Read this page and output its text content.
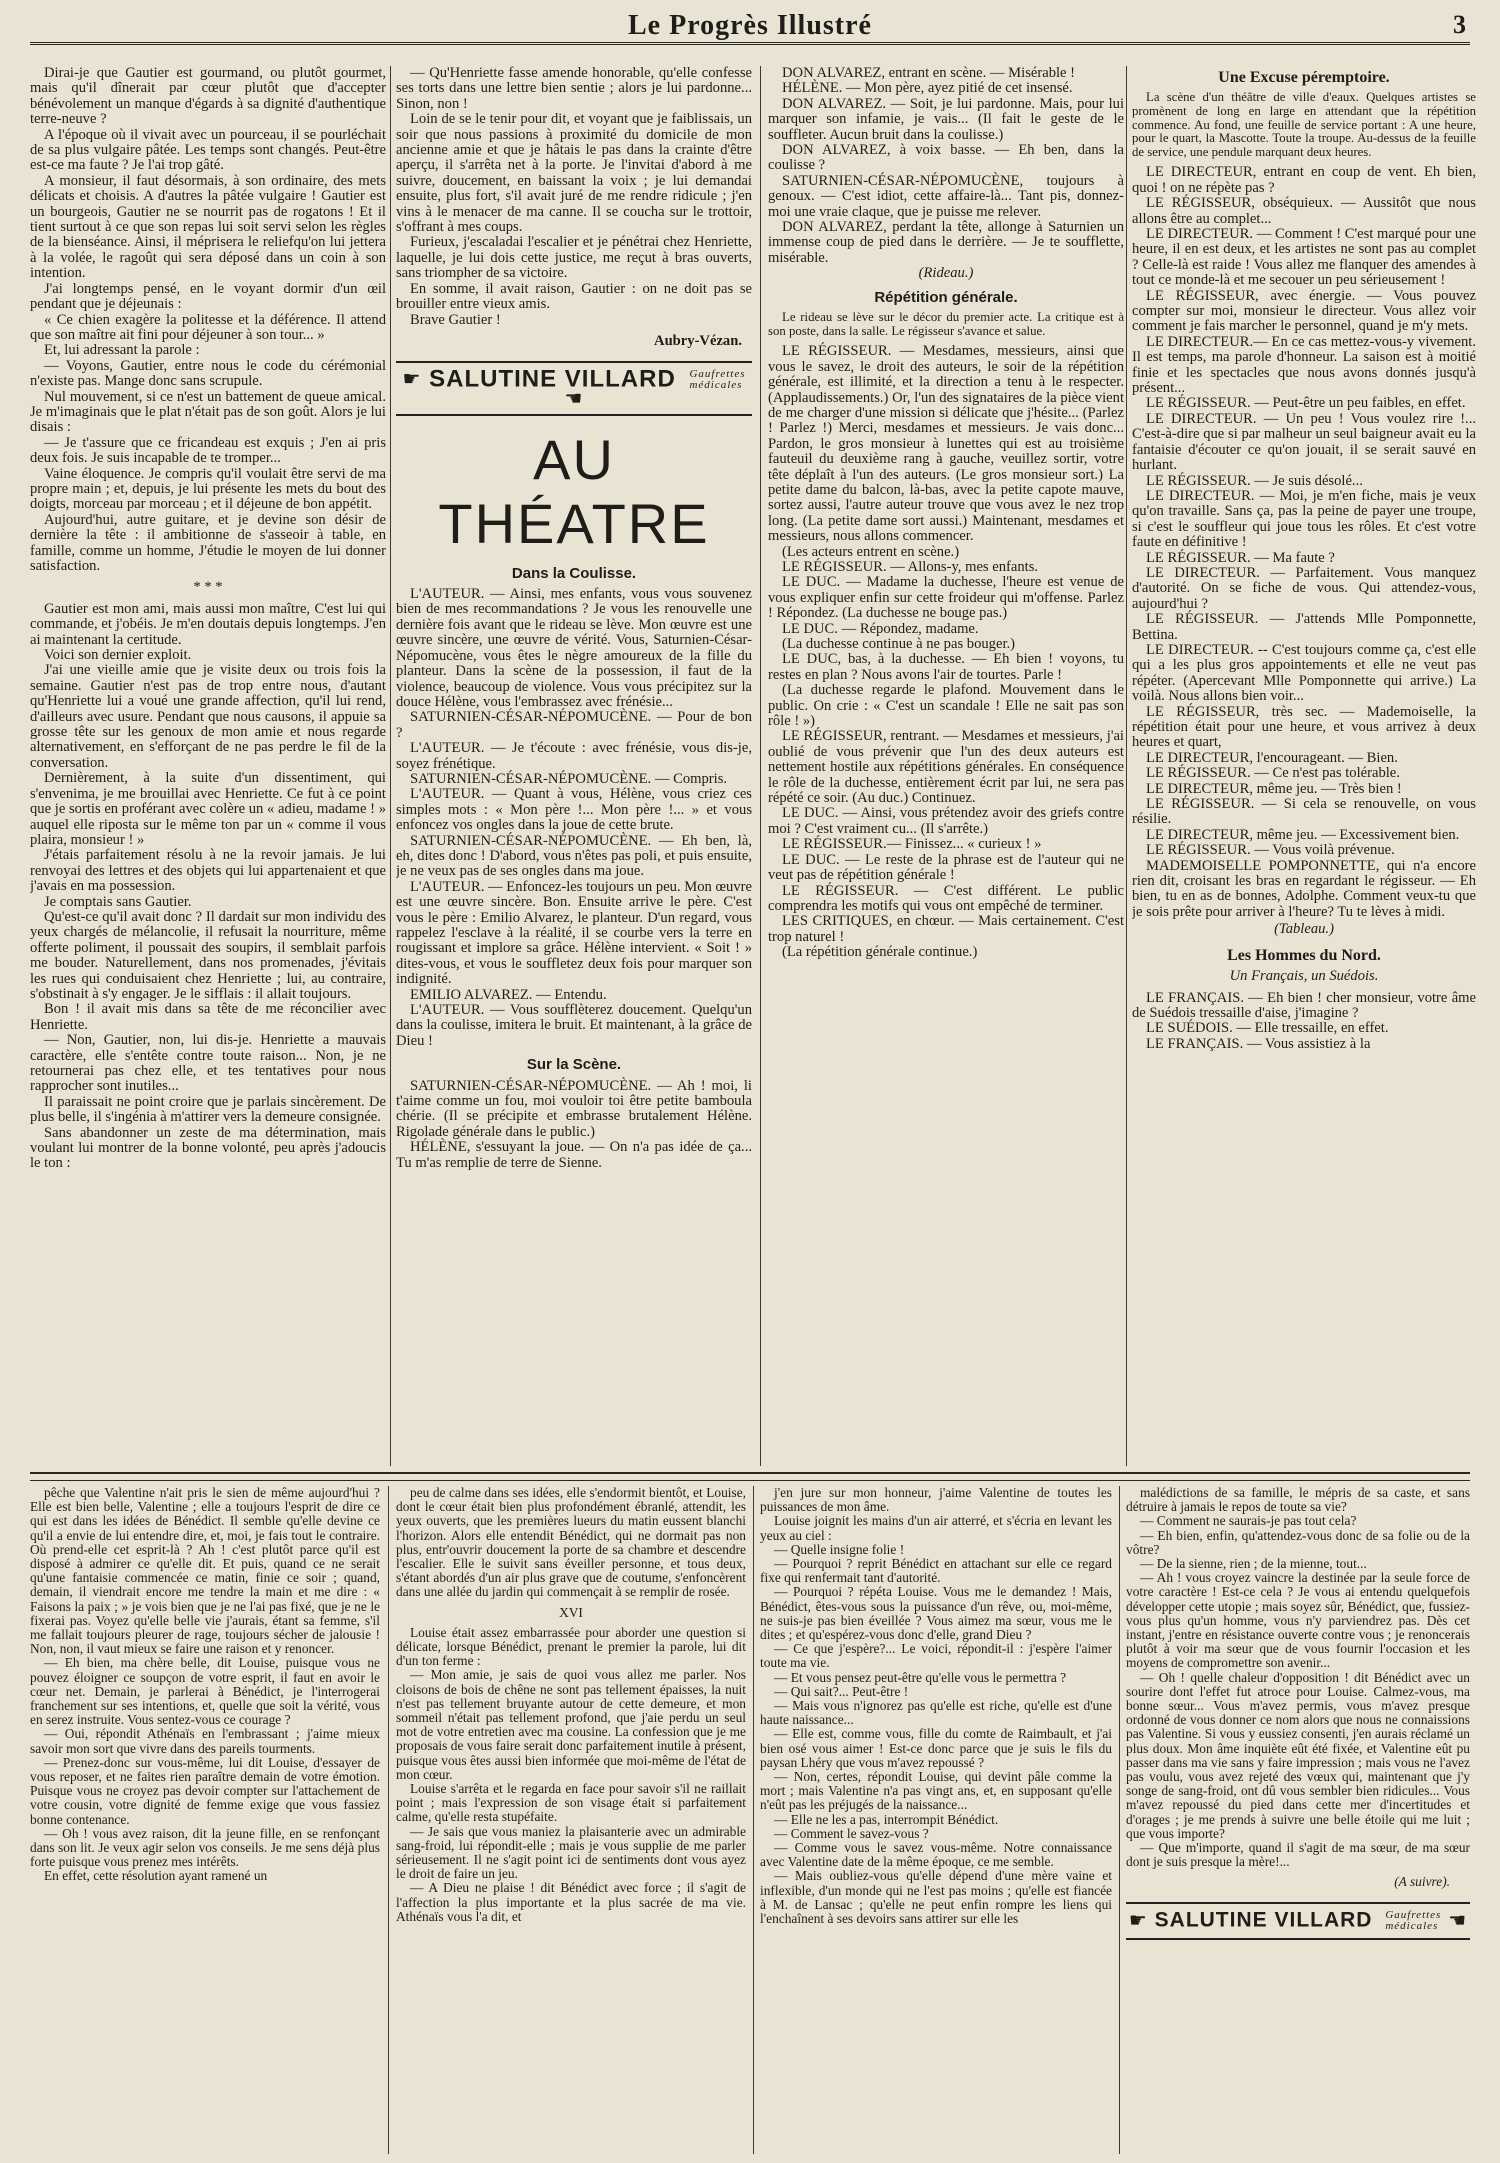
Le Progrès Illustré	3

Dirai-je que Gautier est gourmand, ou plutôt gourmet, mais qu'il dînerait par cœur plutôt que d'accepter bénévolement un manque d'égards à sa dignité d'authentique terre-neuve ?

A l'époque où il vivait avec un pourceau, il se pourléchait de sa plus vulgaire pâtée. Les temps sont changés. Peut-être est-ce ma faute ? Je l'ai trop gâté.

A monsieur, il faut désormais, à son ordinaire, des mets délicats et choisis. A d'autres la pâtée vulgaire ! Gautier est un bourgeois, Gautier ne se nourrit pas de rogatons ! Et il tient surtout à ce que son repas lui soit servi selon les règles de la bienséance. Ainsi, il méprisera le reliefqu'on lui jettera à la volée, le ragoût qui sera déposé dans un coin à son intention.

J'ai longtemps pensé, en le voyant dormir d'un œil pendant que je déjeunais :

« Ce chien exagère la politesse et la déférence. Il attend que son maître ait fini pour déjeuner à son tour... »

Et, lui adressant la parole :

— Voyons, Gautier, entre nous le code du cérémonial n'existe pas. Mange donc sans scrupule.

Nul mouvement, si ce n'est un battement de queue amical. Je m'imaginais que le plat n'était pas de son goût. Alors je lui disais :

— Je t'assure que ce fricandeau est exquis ; J'en ai pris deux fois. Je suis incapable de te tromper...

Vaine éloquence. Je compris qu'il voulait être servi de ma propre main ; et, depuis, je lui présente les mets du bout des doigts, morceau par morceau ; et il déjeune de bon appétit.

Aujourd'hui, autre guitare, et je devine son désir de dernière la tête : il ambitionne de s'asseoir à table, en famille, comme un homme, J'étudie le moyen de lui donner satisfaction.

* * *

Gautier est mon ami, mais aussi mon maître, C'est lui qui commande, et j'obéis. Je m'en doutais depuis longtemps. J'en ai maintenant la certitude.

Voici son dernier exploit.

J'ai une vieille amie que je visite deux ou trois fois la semaine. Gautier n'est pas de trop entre nous, d'autant qu'Henriette lui a voué une grande affection, qu'il lui rend, d'ailleurs avec usure. Pendant que nous causons, il appuie sa grosse tête sur les genoux de mon amie et nous regarde alternativement, en s'efforçant de ne pas perdre le fil de la conversation.

Dernièrement, à la suite d'un dissentiment, qui s'envenima, je me brouillai avec Henriette. Ce fut à ce point que je sortis en proférant avec colère un « adieu, madame ! » auquel elle riposta sur le même ton par un « comme il vous plaira, monsieur ! »

J'étais parfaitement résolu à ne la revoir jamais. Je lui renvoyai des lettres et des objets qui lui appartenaient et que j'avais en ma possession.

Je comptais sans Gautier.

Qu'est-ce qu'il avait donc ? Il dardait sur mon individu des yeux chargés de mélancolie, il refusait la nourriture, même offerte poliment, il poussait des soupirs, il semblait parfois me bouder. Naturellement, dans nos promenades, j'évitais les rues qui conduisaient chez Henriette ; lui, au contraire, s'obstinait à s'y engager. Je le sifflais : il allait toujours.

Bon ! il avait mis dans sa tête de me réconcilier avec Henriette.

— Non, Gautier, non, lui dis-je. Henriette a mauvais caractère, elle s'entête contre toute raison... Non, je ne retournerai pas chez elle, et tes tentatives pour nous rapprocher sont inutiles...

Il paraissait ne point croire que je parlais sincèrement. De plus belle, il s'ingénia à m'attirer vers la demeure consignée.

Sans abandonner un zeste de ma détermination, mais voulant lui montrer de la bonne volonté, peu après j'adoucis le ton :

— Qu'Henriette fasse amende honorable, qu'elle confesse ses torts dans une lettre bien sentie ; alors je lui pardonne... Sinon, non !

Loin de se le tenir pour dit, et voyant que je faiblissais, un soir que nous passions à proximité du domicile de mon ancienne amie et que je hâtais le pas dans la crainte d'être aperçu, il s'arrêta net à la porte. Je l'invitai d'abord à me suivre, doucement, en baissant la voix ; je lui demandai ensuite, plus fort, s'il avait juré de me rendre ridicule ; j'en vins à le menacer de ma canne. Il se coucha sur le trottoir, s'offrant à mes coups.

Furieux, j'escaladai l'escalier et je pénétrai chez Henriette, laquelle, je lui dois cette justice, me reçut à bras ouverts, sans triompher de sa victoire.

En somme, il avait raison, Gautier : on ne doit pas se brouiller entre vieux amis.

Brave Gautier !

Aubry-Vézan.
☛ SALUTINE VILLARD Gaufrettes
médicales ☚
AU THÉATRE
Dans la Coulisse.

L'AUTEUR. — Ainsi, mes enfants, vous vous souvenez bien de mes recommandations ? Je vous les renouvelle une dernière fois avant que le rideau se lève. Mon œuvre est une œuvre sincère, une œuvre de vérité. Vous, Saturnien-César-Népomucène, vous êtes le nègre amoureux de la fille du planteur. Dans la scène de la possession, il faut de la violence, beaucoup de violence. Vous vous précipitez sur la douce Hélène, vous l'embrassez avec frénésie...

SATURNIEN-CÉSAR-NÉPOMUCÈNE. — Pour de bon ?

L'AUTEUR. — Je t'écoute : avec frénésie, vous dis-je, soyez frénétique.

SATURNIEN-CÉSAR-NÉPOMUCÈNE. — Compris.

L'AUTEUR. — Quant à vous, Hélène, vous criez ces simples mots : « Mon père !... Mon père !... » et vous enfoncez vos ongles dans la joue de cette brute.

SATURNIEN-CÉSAR-NÉPOMUCÈNE. — Eh ben, là, eh, dites donc ! D'abord, vous n'êtes pas poli, et puis ensuite, je ne veux pas de ses ongles dans ma joue.

L'AUTEUR. — Enfoncez-les toujours un peu. Mon œuvre est une œuvre sincère. Bon. Ensuite arrive le père. C'est vous le père : Emilio Alvarez, le planteur. D'un regard, vous rappelez l'esclave à la réalité, il se courbe vers la terre en rougissant et implore sa grâce. Hélène intervient. « Soit ! » dites-vous, et vous le souffletez deux fois pour marquer son indignité.

EMILIO ALVAREZ. — Entendu.

L'AUTEUR. — Vous soufflèterez doucement. Quelqu'un dans la coulisse, imitera le bruit. Et maintenant, à la grâce de Dieu !

Sur la Scène.

SATURNIEN-CÉSAR-NÉPOMUCÈNE. — Ah ! moi, li t'aime comme un fou, moi vouloir toi être petite bamboula chérie. (Il se précipite et embrasse brutalement Hélène. Rigolade générale dans le public.)

HÉLÈNE, s'essuyant la joue. — On n'a pas idée de ça... Tu m'as remplie de terre de Sienne.

DON ALVAREZ, entrant en scène. — Misérable !

HÉLÈNE. — Mon père, ayez pitié de cet insensé.

DON ALVAREZ. — Soit, je lui pardonne. Mais, pour lui marquer son infamie, je vais... (Il fait le geste de le souffleter. Aucun bruit dans la coulisse.)

DON ALVAREZ, à voix basse. — Eh ben, dans la coulisse ?

SATURNIEN-CÉSAR-NÉPOMUCÈNE, toujours à genoux. — C'est idiot, cette affaire-là... Tant pis, donnez-moi une vraie claque, que je puisse me relever.

DON ALVAREZ, perdant la tête, allonge à Saturnien un immense coup de pied dans le derrière. — Je te soufflette, misérable.

(Rideau.)
Répétition générale.
Le rideau se lève sur le décor du premier acte. La critique est à son poste, dans la salle. Le régisseur s'avance et salue.

LE RÉGISSEUR. — Mesdames, messieurs, ainsi que vous le savez, le droit des auteurs, le soir de la répétition générale, est illimité, et la direction a tenu à le respecter. (Applaudissements.) Or, l'un des signataires de la pièce vient de me charger d'une mission si délicate que j'hésite... (Parlez ! Parlez !) Merci, mesdames et messieurs. Je vais donc... Pardon, le gros monsieur à lunettes qui est au troisième fauteuil du deuxième rang à gauche, veuillez sortir, votre tête déplaît à l'un des auteurs. (Le gros monsieur sort.) La petite dame du balcon, là-bas, avec la petite capote mauve, sortez aussi, l'autre auteur trouve que vous avez le nez trop long. (La petite dame sort aussi.) Maintenant, mesdames et messieurs, nous allons commencer.

(Les acteurs entrent en scène.)

LE RÉGISSEUR. — Allons-y, mes enfants.

LE DUC. — Madame la duchesse, l'heure est venue de vous expliquer enfin sur cette froideur qui m'offense. Parlez ! Répondez. (La duchesse ne bouge pas.)

LE DUC. — Répondez, madame.

(La duchesse continue à ne pas bouger.)

LE DUC, bas, à la duchesse. — Eh bien ! voyons, tu restes en plan ? Nous avons l'air de tourtes. Parle !

(La duchesse regarde le plafond. Mouvement dans le public. On crie : « C'est un scandale ! Elle ne sait pas son rôle ! »)

LE RÉGISSEUR, rentrant. — Mesdames et messieurs, j'ai oublié de vous prévenir que l'un des deux auteurs est nettement hostile aux répétitions générales. En conséquence le rôle de la duchesse, entièrement écrit par lui, ne sera pas répété ce soir. (Au duc.) Continuez.

LE DUC. — Ainsi, vous prétendez avoir des griefs contre moi ? C'est vraiment cu... (Il s'arrête.)

LE RÉGISSEUR.— Finissez... « curieux ! »

LE DUC. — Le reste de la phrase est de l'auteur qui ne veut pas de répétition générale !

LE RÉGISSEUR. — C'est différent. Le public comprendra les motifs qui vous ont empêché de terminer.

LES CRITIQUES, en chœur. — Mais certainement. C'est trop naturel !

(La répétition générale continue.)

Une Excuse péremptoire.
La scène d'un théâtre de ville d'eaux. Quelques artistes se promènent de long en large en attendant que la répétition commence. Au fond, une feuille de service portant : A une heure, pour le quart, la Mascotte. Toute la troupe. Au-dessus de la feuille de service, une pendule marquant deux heures.

LE DIRECTEUR, entrant en coup de vent. Eh bien, quoi ! on ne répète pas ?

LE RÉGISSEUR, obséquieux. — Aussitôt que nous allons être au complet...

LE DIRECTEUR. — Comment ! C'est marqué pour une heure, il en est deux, et les artistes ne sont pas au complet ? Celle-là est raide ! Vous allez me flanquer des amendes à tout ce monde-là et me secouer un peu sérieusement !

LE RÉGISSEUR, avec énergie. — Vous pouvez compter sur moi, monsieur le directeur. Vous allez voir comment je fais marcher le personnel, quand je m'y mets.

LE DIRECTEUR.— En ce cas mettez-vous-y vivement. Il est temps, ma parole d'honneur. La saison est à moitié finie et les spectacles que nous avons donnés jusqu'à présent...

LE RÉGISSEUR. — Peut-être un peu faibles, en effet.

LE DIRECTEUR. — Un peu ! Vous voulez rire !... C'est-à-dire que si par malheur un seul baigneur avait eu la fantaisie d'écouter ce qu'on jouait, il se serait sauvé en hurlant.

LE RÉGISSEUR. — Je suis désolé...

LE DIRECTEUR. — Moi, je m'en fiche, mais je veux qu'on travaille. Sans ça, pas la peine de payer une troupe, si c'est le souffleur qui joue tous les rôles. Et c'est votre faute en définitive !

LE RÉGISSEUR. — Ma faute ?

LE DIRECTEUR. — Parfaitement. Vous manquez d'autorité. On se fiche de vous. Qui attendez-vous, aujourd'hui ?

LE RÉGISSEUR. — J'attends Mlle Pomponnette, Bettina.

LE DIRECTEUR. -- C'est toujours comme ça, c'est elle qui a les plus gros appointements et elle ne veut pas répéter. (Apercevant Mlle Pomponnette qui arrive.) La voilà. Nous allons bien voir...

LE RÉGISSEUR, très sec. — Mademoiselle, la répétition était pour une heure, et vous arrivez à deux heures et quart,

LE DIRECTEUR, l'encourageant. — Bien.

LE RÉGISSEUR. — Ce n'est pas tolérable.

LE DIRECTEUR, même jeu. — Très bien !

LE RÉGISSEUR. — Si cela se renouvelle, on vous résilie.

LE DIRECTEUR, même jeu. — Excessivement bien.

LE RÉGISSEUR. — Vous voilà prévenue.

MADEMOISELLE POMPONNETTE, qui n'a encore rien dit, croisant les bras en regardant le régisseur. — Eh bien, tu en as de bonnes, Adolphe. Comment veux-tu que je sois prête pour arriver à l'heure? Tu te lèves à midi.

(Tableau.)
Les Hommes du Nord.
Un Français, un Suédois.

LE FRANÇAIS. — Eh bien ! cher monsieur, votre âme de Suédois tressaille d'aise, j'imagine ?

LE SUÉDOIS. — Elle tressaille, en effet.

LE FRANÇAIS. — Vous assistiez à la

pêche que Valentine n'ait pris le sien de même aujourd'hui ? Elle est bien belle, Valentine ; elle a toujours l'esprit de dire ce qui est dans les idées de Bénédict. Il semble qu'elle devine ce qu'il a envie de lui entendre dire, et, moi, je fais tout le contraire. Où prend-elle cet esprit-là ? Ah ! c'est plutôt parce qu'il est disposé à admirer ce qu'elle dit. Et puis, quand ce ne serait qu'une fantaisie commencée ce matin, finie ce soir ; quand, demain, il viendrait encore me tendre la main et me dire : « Faisons la paix ; » je vois bien que je ne l'ai pas fixé, que je ne le fixerai pas. Voyez qu'elle belle vie j'aurais, étant sa femme, s'il me fallait toujours pleurer de rage, toujours sécher de jalousie ! Non, non, il vaut mieux se faire une raison et y renoncer.

— Eh bien, ma chère belle, dit Louise, puisque vous ne pouvez éloigner ce soupçon de votre esprit, il faut en avoir le cœur net. Demain, je parlerai à Bénédict, je l'interrogerai franchement sur ses intentions, et, quelle que soit la vérité, vous en serez instruite. Vous sentez-vous ce courage ?

— Oui, répondit Athénaïs en l'embrassant ; j'aime mieux savoir mon sort que vivre dans des pareils tourments.

— Prenez-donc sur vous-même, lui dit Louise, d'essayer de vous reposer, et ne faites rien paraître demain de votre émotion. Puisque vous ne croyez pas devoir compter sur l'attachement de votre cousin, votre dignité de femme exige que vous fassiez bonne contenance.

— Oh ! vous avez raison, dit la jeune fille, en se renfonçant dans son lit. Je veux agir selon vos conseils. Je me sens déjà plus forte puisque vous prenez mes intérêts.

En effet, cette résolution ayant ramené un

peu de calme dans ses idées, elle s'endormit bientôt, et Louise, dont le cœur était bien plus profondément ébranlé, attendit, les yeux ouverts, que les premières lueurs du matin eussent blanchi l'horizon. Alors elle entendit Bénédict, qui ne dormait pas non plus, entr'ouvrir doucement la porte de sa chambre et descendre l'escalier. Elle le suivit sans éveiller personne, et tous deux, s'étant abordés d'un air plus grave que de coutume, s'enfoncèrent dans une allée du jardin qui commençait à se remplir de rosée.

XVI

Louise était assez embarrassée pour aborder une question si délicate, lorsque Bénédict, prenant le premier la parole, lui dit d'un ton ferme :

— Mon amie, je sais de quoi vous allez me parler. Nos cloisons de bois de chêne ne sont pas tellement épaisses, la nuit n'est pas tellement bruyante autour de cette demeure, et mon sommeil n'était pas tellement profond, que j'aie perdu un seul mot de votre entretien avec ma cousine. La confession que je me proposais de vous faire serait donc parfaitement inutile à présent, puisque vous êtes aussi bien informée que moi-même de l'état de mon cœur.

Louise s'arrêta et le regarda en face pour savoir s'il ne raillait point ; mais l'expression de son visage était si parfaitement calme, qu'elle resta stupéfaite.

— Je sais que vous maniez la plaisanterie avec un admirable sang-froid, lui répondit-elle ; mais je vous supplie de me parler sérieusement. Il ne s'agit point ici de sentiments dont vous ayez le droit de faire un jeu.

— A Dieu ne plaise ! dit Bénédict avec force ; il s'agit de l'affection la plus importante et la plus sacrée de ma vie. Athénaïs vous l'a dit, et

j'en jure sur mon honneur, j'aime Valentine de toutes les puissances de mon âme.

Louise joignit les mains d'un air atterré, et s'écria en levant les yeux au ciel :

— Quelle insigne folie !

— Pourquoi ? reprit Bénédict en attachant sur elle ce regard fixe qui renfermait tant d'autorité.

— Pourquoi ? répéta Louise. Vous me le demandez ! Mais, Bénédict, êtes-vous sous la puissance d'un rêve, ou, moi-même, ne suis-je pas bien éveillée ? Vous aimez ma sœur, vous me le dites ; et qu'espérez-vous donc d'elle, grand Dieu ?

— Ce que j'espère?... Le voici, répondit-il : j'espère l'aimer toute ma vie.

— Et vous pensez peut-être qu'elle vous le permettra ?

— Qui sait?... Peut-être !

— Mais vous n'ignorez pas qu'elle est riche, qu'elle est d'une haute naissance...

— Elle est, comme vous, fille du comte de Raimbault, et j'ai bien osé vous aimer ! Est-ce donc parce que je suis le fils du paysan Lhéry que vous m'avez repoussé ?

— Non, certes, répondit Louise, qui devint pâle comme la mort ; mais Valentine n'a pas vingt ans, et, en supposant qu'elle n'eût pas les préjugés de la naissance...

— Elle ne les a pas, interrompit Bénédict.

— Comment le savez-vous ?

— Comme vous le savez vous-même. Notre connaissance avec Valentine date de la même époque, ce me semble.

— Mais oubliez-vous qu'elle dépend d'une mère vaine et inflexible, d'un monde qui ne l'est pas moins ; qu'elle est fiancée à M. de Lansac ; qu'elle ne peut enfin rompre les liens qui l'enchaînent à ses devoirs sans attirer sur elle les

malédictions de sa famille, le mépris de sa caste, et sans détruire à jamais le repos de toute sa vie?

— Comment ne saurais-je pas tout cela?

— Eh bien, enfin, qu'attendez-vous donc de sa folie ou de la vôtre?

— De la sienne, rien ; de la mienne, tout...

— Ah ! vous croyez vaincre la destinée par la seule force de votre caractère ! Est-ce cela ? Je vous ai entendu quelquefois développer cette utopie ; mais soyez sûr, Bénédict, que, fussiez-vous plus qu'un homme, vous n'y parviendrez pas. Dès cet instant, j'entre en résistance ouverte contre vous ; je renoncerais plutôt à voir ma sœur que de vous fournir l'occasion et les moyens de compromettre son avenir...

— Oh ! quelle chaleur d'opposition ! dit Bénédict avec un sourire dont l'effet fut atroce pour Louise. Calmez-vous, ma bonne sœur... Vous m'avez permis, vous m'avez presque ordonné de vous donner ce nom alors que nous ne connaissions pas Valentine. Si vous y eussiez consenti, j'en aurais réclamé un plus doux. Mon âme inquiète eût été fixée, et Valentine eût pu passer dans ma vie sans y faire impression ; mais vous ne l'avez pas voulu, vous avez rejeté des vœux qui, maintenant que j'y songe de sang-froid, ont dû vous sembler bien ridicules... Vous m'avez repoussé du pied dans cette mer d'incertitudes et d'orages ; je me prends à suivre une belle étoile qui me luit ; que vous importe?

— Que m'importe, quand il s'agit de ma sœur, de ma sœur dont je suis presque la mère!...

(A suivre).
☛ SALUTINE VILLARD Gaufrettes
médicales ☚
